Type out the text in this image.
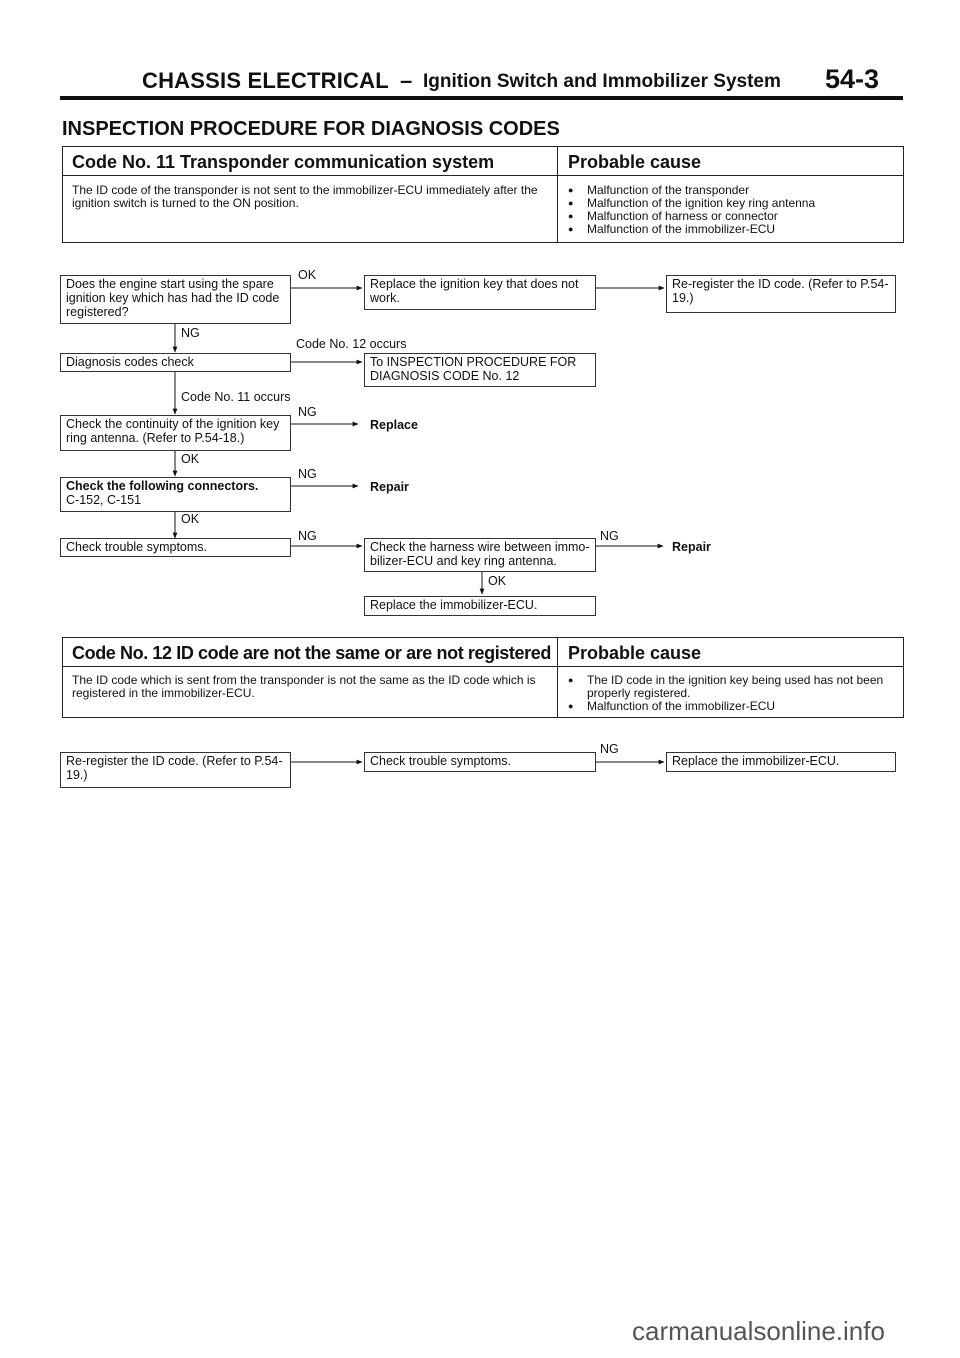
CHASSIS ELECTRICAL – Ignition Switch and Immobilizer System 54-3
INSPECTION PROCEDURE FOR DIAGNOSIS CODES
Code No. 11 Transponder communication system	Probable cause
The ID code of the transponder is not sent to the immobilizer-ECU immediately after the ignition switch is turned to the ON position.
● Malfunction of the transponder
● Malfunction of the ignition key ring antenna
● Malfunction of harness or connector
● Malfunction of the immobilizer-ECU
Does the engine start using the spare ignition key which has had the ID code registered?
OK
Replace the ignition key that does not work.
Re-register the ID code. (Refer to P.54-19.)
NG
Code No. 12 occurs
Diagnosis codes check	To INSPECTION PROCEDURE FOR DIAGNOSIS CODE No. 12
Code No. 11 occurs
NG
Check the continuity of the ignition key ring antenna. (Refer to P.54-18.)
Replace
OK
NG
Check the following connectors.
C-152, C-151
Repair
OK
NG
Check trouble symptoms.	Check the harness wire between immo-bilizer-ECU and key ring antenna.
NG
Repair
OK
Replace the immobilizer-ECU.
Code No. 12 ID code are not the same or are not registered Probable cause
The ID code which is sent from the transponder is not the same as the ID code which is registered in the immobilizer-ECU.
● The ID code in the ignition key being used has not been properly registered.
● Malfunction of the immobilizer-ECU
Re-register the ID code. (Refer to P.54-19.)
Check trouble symptoms.
NG
Replace the immobilizer-ECU.
carmanualsonline.info
